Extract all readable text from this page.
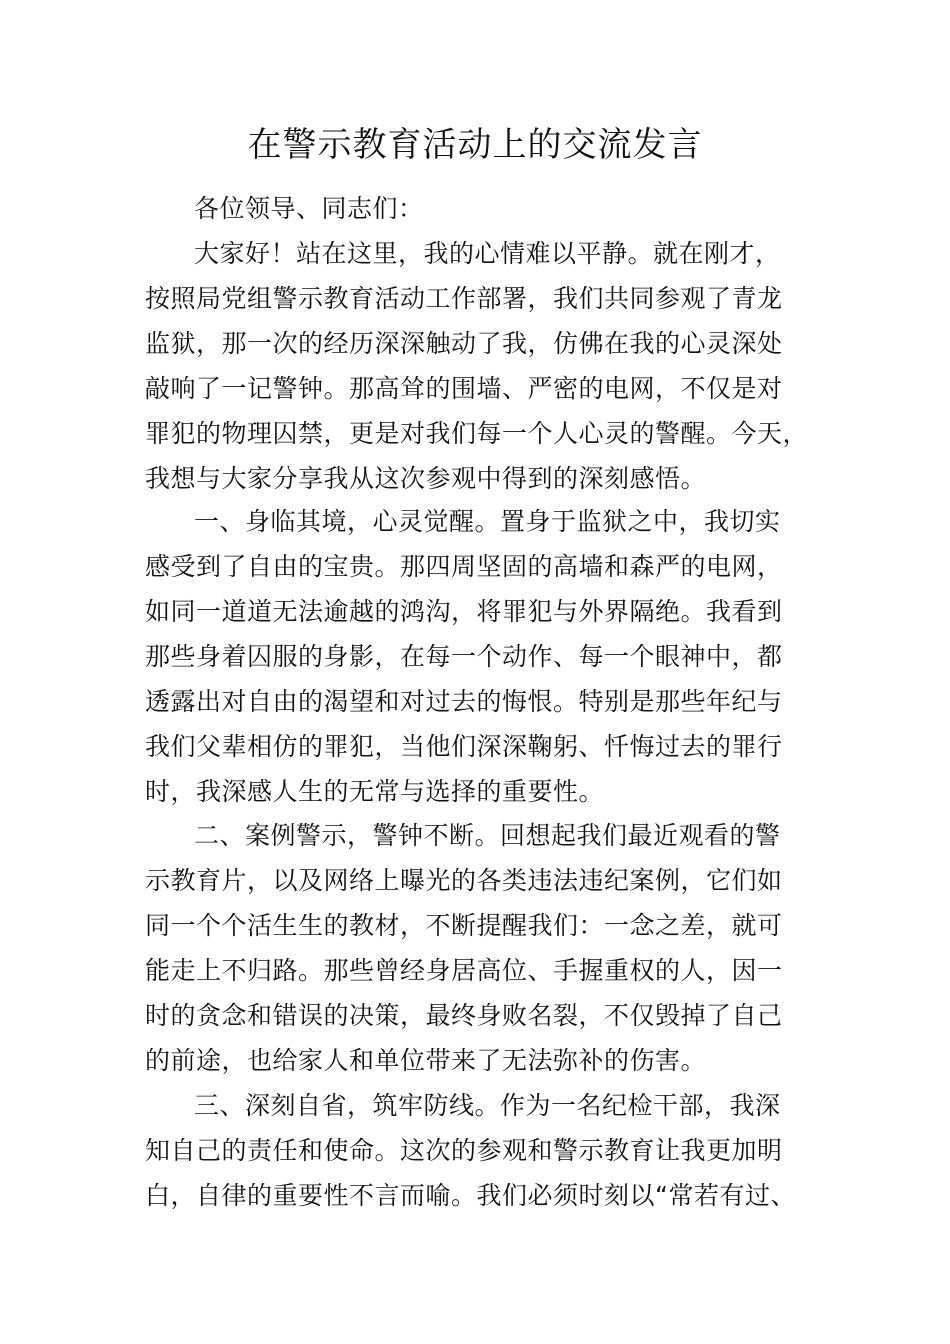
在警示教育活动上的交流发言
各位领导、同志们：
大家好！站在这里，我的心情难以平静。就在刚才，
按照局党组警示教育活动工作部署，我们共同参观了青龙
监狱，那一次的经历深深触动了我，仿佛在我的心灵深处
敲响了一记警钟。那高耸的围墙、严密的电网，不仅是对
罪犯的物理囚禁，更是对我们每一个人心灵的警醒。今天，
我想与大家分享我从这次参观中得到的深刻感悟。
一、身临其境，心灵觉醒。置身于监狱之中，我切实
感受到了自由的宝贵。那四周坚固的高墙和森严的电网，
如同一道道无法逾越的鸿沟，将罪犯与外界隔绝。我看到
那些身着囚服的身影，在每一个动作、每一个眼神中，都
透露出对自由的渴望和对过去的悔恨。特别是那些年纪与
我们父辈相仿的罪犯，当他们深深鞠躬、忏悔过去的罪行
时，我深感人生的无常与选择的重要性。
二、案例警示，警钟不断。回想起我们最近观看的警
示教育片，以及网络上曝光的各类违法违纪案例，它们如
同一个个活生生的教材，不断提醒我们：一念之差，就可
能走上不归路。那些曾经身居高位、手握重权的人，因一
时的贪念和错误的决策，最终身败名裂，不仅毁掉了自己
的前途，也给家人和单位带来了无法弥补的伤害。
三、深刻自省，筑牢防线。作为一名纪检干部，我深
知自己的责任和使命。这次的参观和警示教育让我更加明
白，自律的重要性不言而喻。我们必须时刻以“常若有过、
